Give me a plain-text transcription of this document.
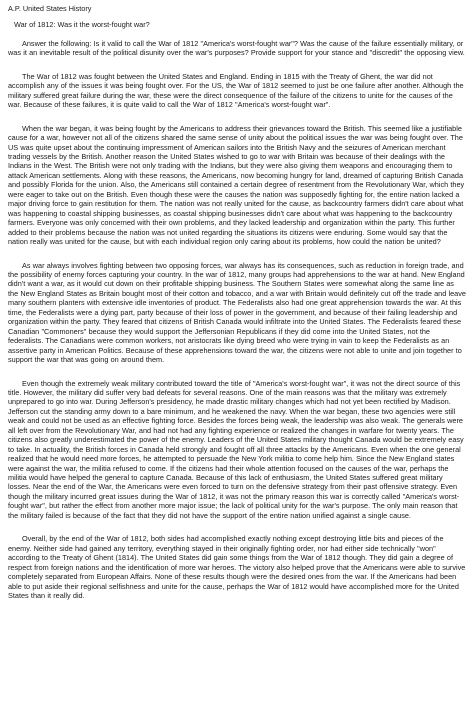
A.P. United States History

War of 1812: Was it the worst-fought war?

Answer the following: Is it valid to call the War of 1812 "America's worst-fought war"? Was the cause of the failure essentially military, or was it an inevitable result of the political disunity over the war's purposes? Provide support for your stance and "discredit" the opposing view.

The War of 1812 was fought between the United States and England. Ending in 1815 with the Treaty of Ghent, the war did not accomplish any of the issues it was being fought over. For the US, the War of 1812 seemed to just be one failure after another. Although the military suffered great failure during the war, these were the direct consequence of the failure of the citizens to unite for the causes of the war. Because of these failures, it is quite valid to call the War of 1812 "America's worst-fought war".

When the war began, it was being fought by the Americans to address their grievances toward the British. This seemed like a justifiable cause for a war, however not all of the citizens shared the same sense of unity about the political issues the war was being fought over. The US was quite upset about the continuing impressment of American sailors into the British Navy and the seizures of American merchant trading vessels by the British. Another reason the United States wished to go to war with Britain was because of their dealings with the Indians in the West. The British were not only trading with the Indians, but they were also giving them weapons and encouraging them to attack American settlements. Along with these reasons, the Americans, now becoming hungry for land, dreamed of capturing British Canada and possibly Florida for the union. Also, the Americans still contained a certain degree of resentment from the Revolutionary War, which they were eager to take out on the British. Even though these were the causes the nation was supposedly fighting for, the entire nation lacked a major driving force to gain restitution for them. The nation was not really united for the cause, as backcountry farmers didn't care about what was happening to coastal shipping businesses, as coastal shipping businesses didn't care about what was happening to the backcountry farmers. Everyone was only concerned with their own problems, and they lacked leadership and organization within the party. This further added to their problems because the nation was not united regarding the situations its citizens were enduring. Some would say that the nation really was united for the cause, but with each individual region only caring about its problems, how could the nation be united?

As war always involves fighting between two opposing forces, war always has its consequences, such as reduction in foreign trade, and the possibility of enemy forces capturing your country. In the war of 1812, many groups had apprehensions to the war at hand. New England didn't want a war, as it would cut down on their profitable shipping business. The Southern States were somewhat along the same line as the New England States as Britain bought most of their cotton and tobacco, and a war with Britain would definitely cut off the trade and leave many southern planters with extensive idle inventories of product. The Federalists also had one great apprehension towards the war. At this time, the Federalists were a dying part, party because of their loss of power in the government, and because of their failing leadership and organization within the party. They feared that citizens of British Canada would infiltrate into the United States. The Federalists feared these Canadian "Commoners" because they would support the Jeffersonian Republicans if they did come into the United States, not the federalists. The Canadians were common workers, not aristocrats like dying breed who were trying in vain to keep the Federalists as an assertive party in American Politics. Because of these apprehensions toward the war, the citizens were not able to unite and join together to support the war that was going on around them.

Even though the extremely weak military contributed toward the title of "America's worst-fought war", it was not the direct source of this title. However, the military did suffer very bad defeats for several reasons. One of the main reasons was that the military was extremely unprepared to go into war. During Jefferson's presidency, he made drastic military changes which had not yet been rectified by Madison. Jefferson cut the standing army down to a bare minimum, and he weakened the navy. When the war began, these two agencies were still weak and could not be used as an effective fighting force. Besides the forces being weak, the leadership was also weak. The generals were all left over from the Revolutionary War, and had not had any fighting experience or realized the changes in warfare for twenty years. The citizens also greatly underestimated the power of the enemy. Leaders of the United States military thought Canada would be extremely easy to take. In actuality, the British forces in Canada held strongly and fought off all three attacks by the Americans. Even when the one general realized that he would need more forces, he attempted to persuade the New York militia to come help him. Since the New England states were against the war, the militia refused to come. If the citizens had their whole attention focused on the causes of the war, perhaps the militia would have helped the general to capture Canada. Because of this lack of enthusiasm, the United States suffered great military losses. Near the end of the War, the Americans were even forced to turn on the defensive strategy from their past offensive strategy. Even though the military incurred great issues during the War of 1812, it was not the primary reason this war is correctly called "America's worst-fought war", but rather the effect from another more major issue; the lack of political unity for the war's purpose. The only main reason that the military failed is because of the fact that they did not have the support of the entire nation unified against a single cause.

Overall, by the end of the War of 1812, both sides had accomplished exactly nothing except destroying little bits and pieces of the enemy. Neither side had gained any territory, everything stayed in their originally fighting order, nor had either side technically "won" according to the Treaty of Ghent (1814). The United States did gain some things from the War of 1812 though. They did gain a degree of respect from foreign nations and the identification of more war heroes. The victory also helped prove that the Americans were able to survive completely separated from European Affairs. None of these results though were the desired ones from the war. If the Americans had been able to put aside their regional selfishness and unite for the cause, perhaps the War of 1812 would have accomplished more for the United States than it really did.
